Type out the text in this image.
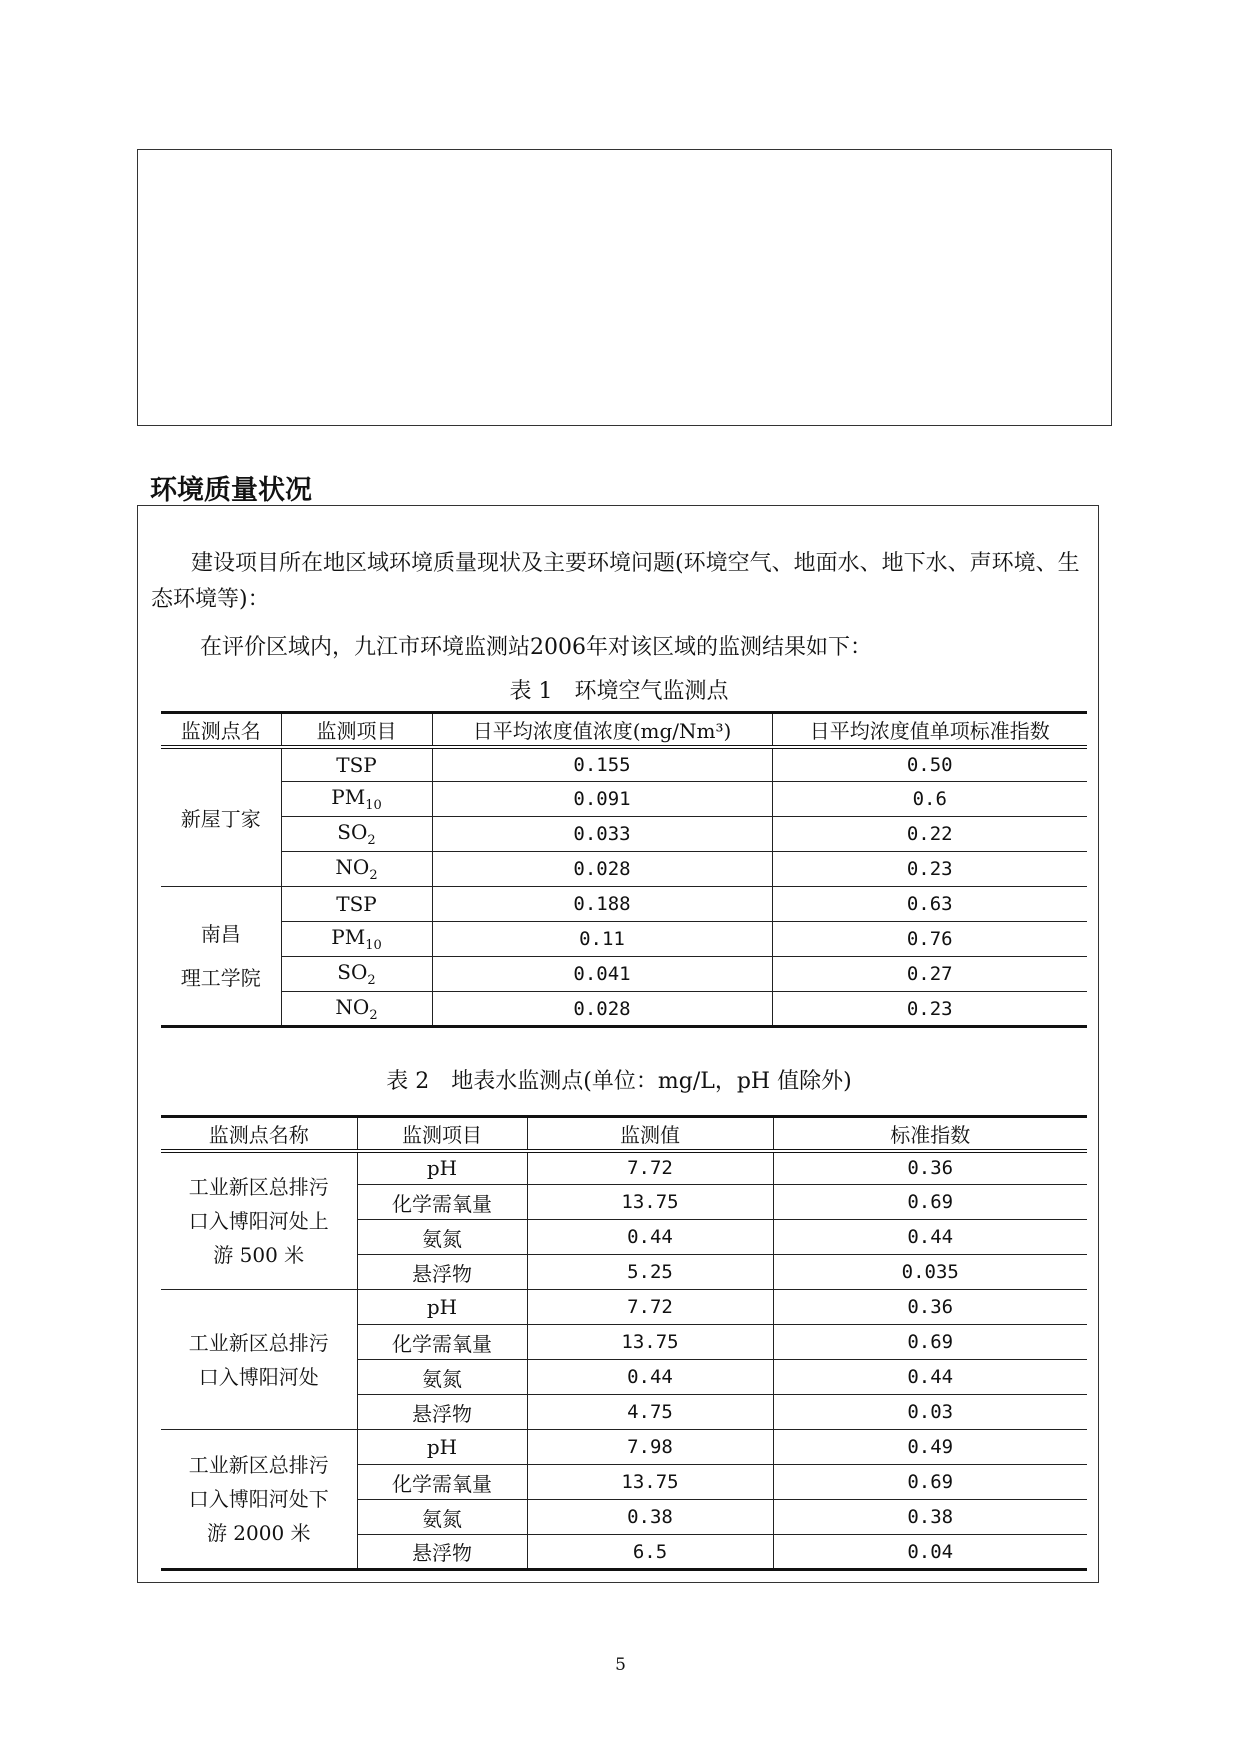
环境质量状况

建设项目所在地区域环境质量现状及主要环境问题(环境空气、地面水、地下水、声环境、生态环境等)：

在评价区域内，九江市环境监测站2006年对该区域的监测结果如下：

表 1　环境空气监测点
监测点名	监测项目	日平均浓度值浓度(mg/Nm³)	日平均浓度值单项标准指数
新屋丁家	TSP	0.155	0.50
	$PM_{10}$	0.091	0.6
	$SO_2$	0.033	0.22
	$NO_2$	0.028	0.23

南昌
理工学院	TSP	0.188	0.63
	$PM_{10}$	0.11	0.76
	$SO_2$	0.041	0.27
	$NO_2$	0.028	0.23
表 2　地表水监测点(单位：mg/L，pH 值除外)
监测点名称	监测项目	监测值	标准指数

工业新区总排污
口入博阳河处上
游 500 米	pH	7.72	0.36
	化学需氧量	13.75	0.69
	氨氮	0.44	0.44
	悬浮物	5.25	0.035

工业新区总排污
口入博阳河处	pH	7.72	0.36
	化学需氧量	13.75	0.69
	氨氮	0.44	0.44
	悬浮物	4.75	0.03

工业新区总排污
口入博阳河处下
游 2000 米	pH	7.98	0.49
	化学需氧量	13.75	0.69
	氨氮	0.38	0.38
	悬浮物	6.5	0.04
5
